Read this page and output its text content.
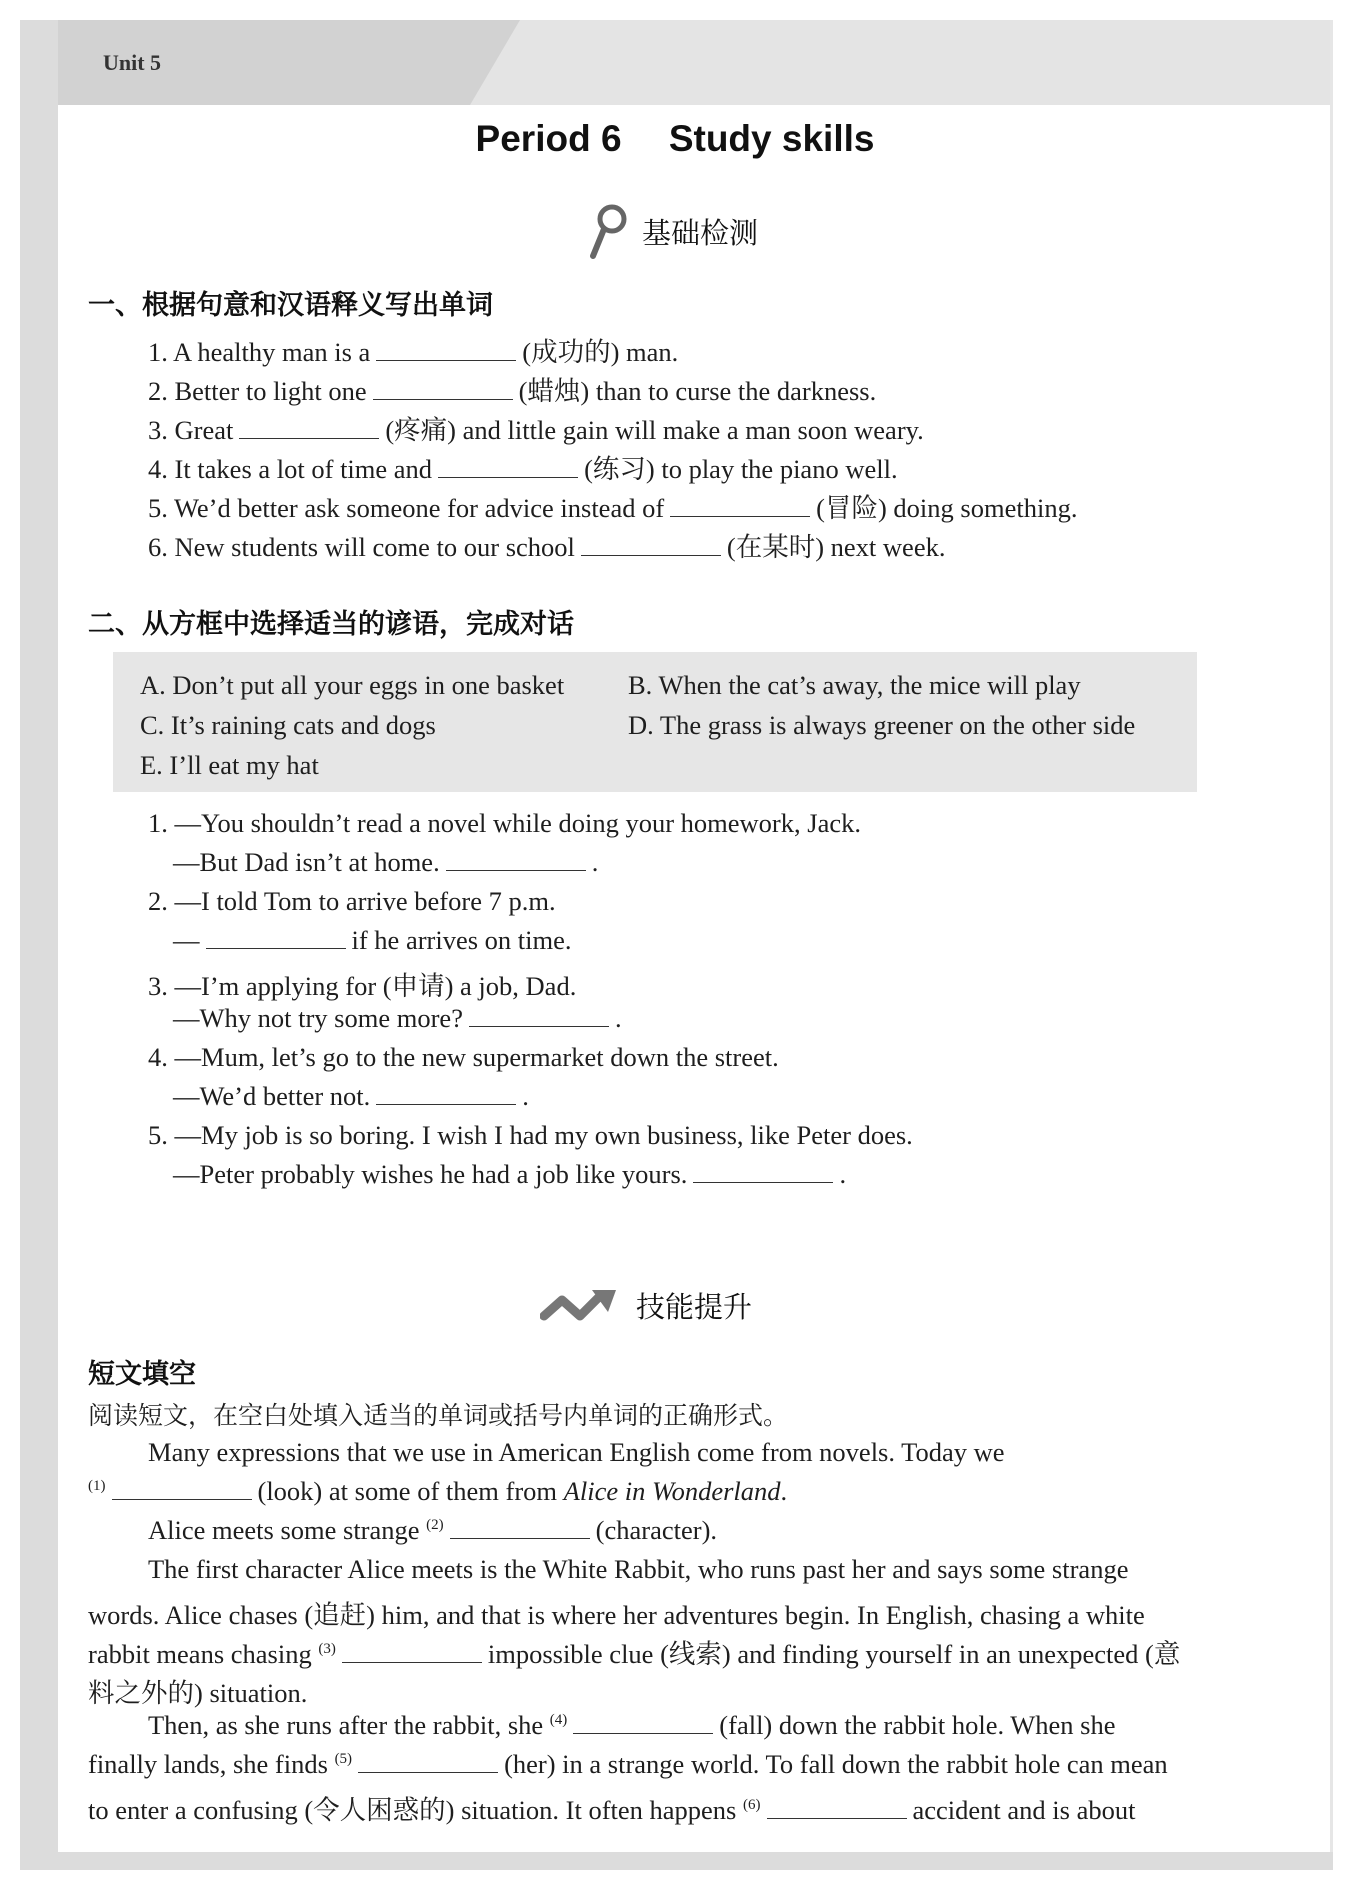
Unit 5
Period 6  Study skills
基础检测
一、根据句意和汉语释义写出单词
1. A healthy man is a	(成功的) man.
2. Better to light one	(蜡烛) than to curse the darkness.
3. Great	(疼痛) and little gain will make a man soon weary.
4. It takes a lot of time and	(练习) to play the piano well.
5. We’d better ask someone for advice instead of	(冒险) doing something.
6. New students will come to our school	(在某时) next week.
二、从方框中选择适当的谚语，完成对话
A. Don’t put all your eggs in one basket B. When the cat’s away, the mice will play
C. It’s raining cats and dogs	D. The grass is always greener on the other side
E. I’ll eat my hat
1. —You shouldn’t read a novel while doing your homework, Jack.
—But Dad isn’t at home.	.
2. —I told Tom to arrive before 7 p.m.
—	if he arrives on time.
3. —I’m applying for (申请) a job, Dad.
—Why not try some more?	.
4. —Mum, let’s go to the new supermarket down the street.
—We’d better not.	.
5. —My job is so boring. I wish I had my own business, like Peter does.
—Peter probably wishes he had a job like yours.	.
技能提升
短文填空
阅读短文，在空白处填入适当的单词或括号内单词的正确形式。
Many expressions that we use in American English come from novels. Today we
$^{(1)}$	(look) at some of them from Alice in Wonderland.
Alice meets some strange $^{(2)}$	(character).
The first character Alice meets is the White Rabbit, who runs past her and says some strange
words. Alice chases (追赶) him, and that is where her adventures begin. In English, chasing a white
rabbit means chasing $^{(3)}$	impossible clue (线索) and finding yourself in an unexpected (意
料之外的) situation.
Then, as she runs after the rabbit, she $^{(4)}$	(fall) down the rabbit hole. When she
finally lands, she finds $^{(5)}$	(her) in a strange world. To fall down the rabbit hole can mean
to enter a confusing (令人困惑的) situation. It often happens $^{(6)}$	accident and is about
